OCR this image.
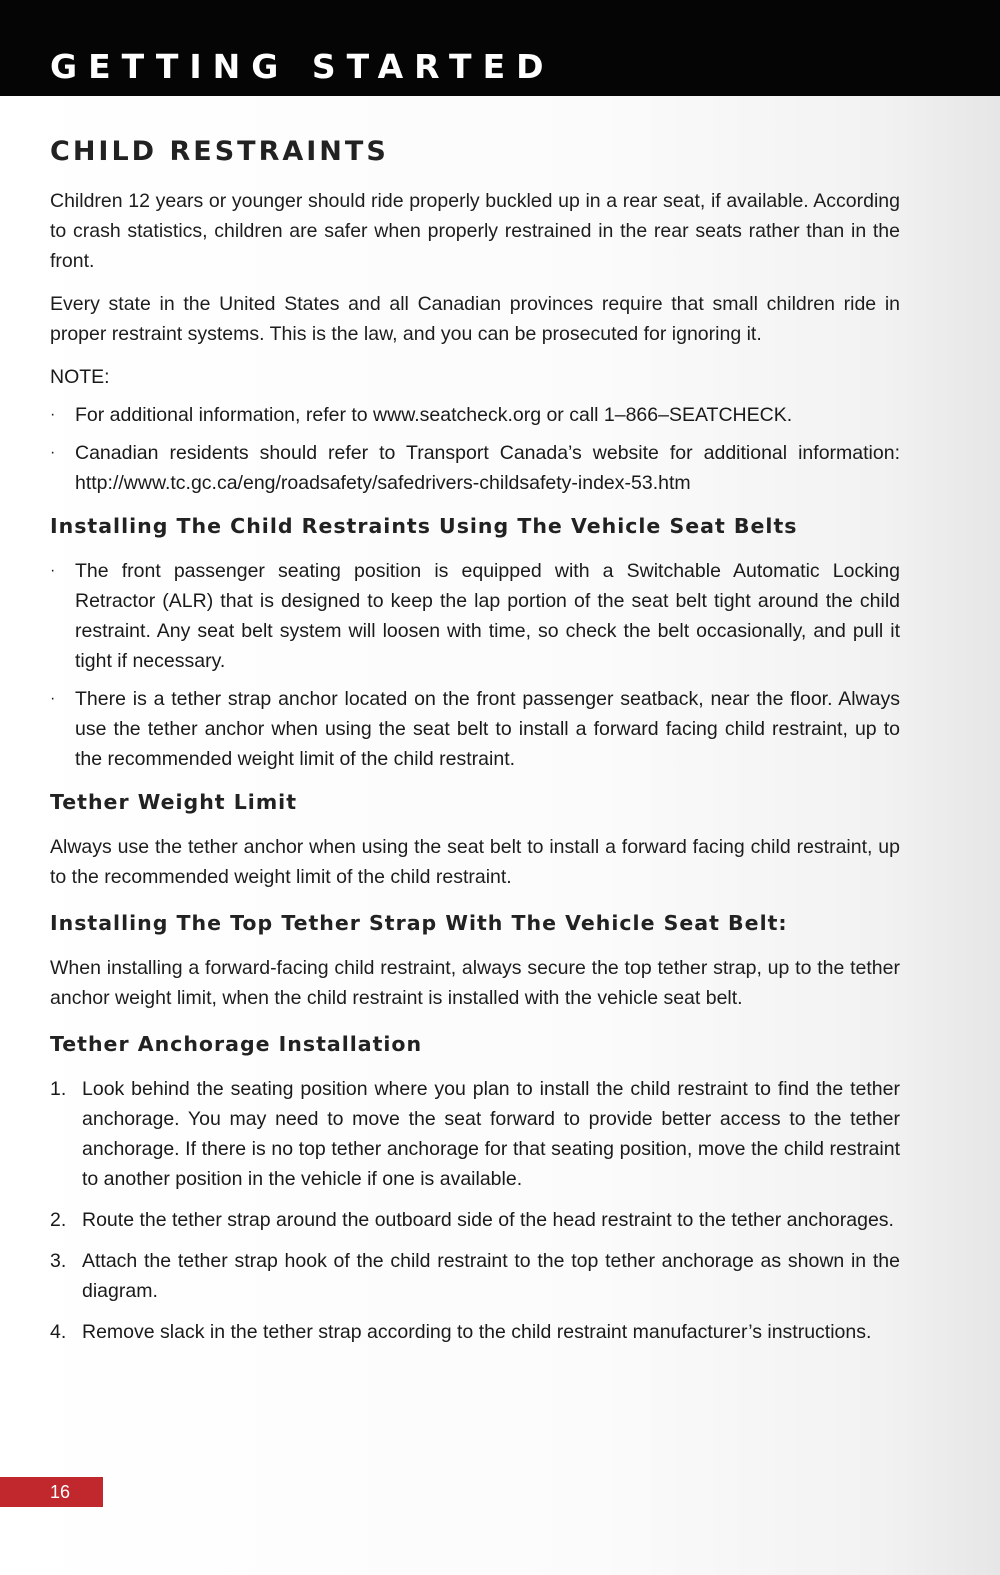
GETTING STARTED
CHILD RESTRAINTS

Children 12 years or younger should ride properly buckled up in a rear seat, if available. According to crash statistics, children are safer when properly restrained in the rear seats rather than in the front.

Every state in the United States and all Canadian provinces require that small children ride in proper restraint systems. This is the law, and you can be prosecuted for ignoring it.

NOTE:
· For additional information, refer to www.seatcheck.org or call 1–866–SEATCHECK.
· Canadian residents should refer to Transport Canada’s website for additional information: http://www.tc.gc.ca/eng/roadsafety/safedrivers-childsafety-index-53.htm
Installing The Child Restraints Using The Vehicle Seat Belts
· The front passenger seating position is equipped with a Switchable Automatic Locking Retractor (ALR) that is designed to keep the lap portion of the seat belt tight around the child restraint. Any seat belt system will loosen with time, so check the belt occasionally, and pull it tight if necessary.
· There is a tether strap anchor located on the front passenger seatback, near the floor. Always use the tether anchor when using the seat belt to install a forward facing child restraint, up to the recommended weight limit of the child restraint.
Tether Weight Limit

Always use the tether anchor when using the seat belt to install a forward facing child restraint, up to the recommended weight limit of the child restraint.

Installing The Top Tether Strap With The Vehicle Seat Belt:

When installing a forward-facing child restraint, always secure the top tether strap, up to the tether anchor weight limit, when the child restraint is installed with the vehicle seat belt.

Tether Anchorage Installation
1. Look behind the seating position where you plan to install the child restraint to find the tether anchorage. You may need to move the seat forward to provide better access to the tether anchorage. If there is no top tether anchorage for that seating position, move the child restraint to another position in the vehicle if one is available.
2. Route the tether strap around the outboard side of the head restraint to the tether anchorages.
3. Attach the tether strap hook of the child restraint to the top tether anchorage as shown in the diagram.
4. Remove slack in the tether strap according to the child restraint manufacturer’s instructions.
16
